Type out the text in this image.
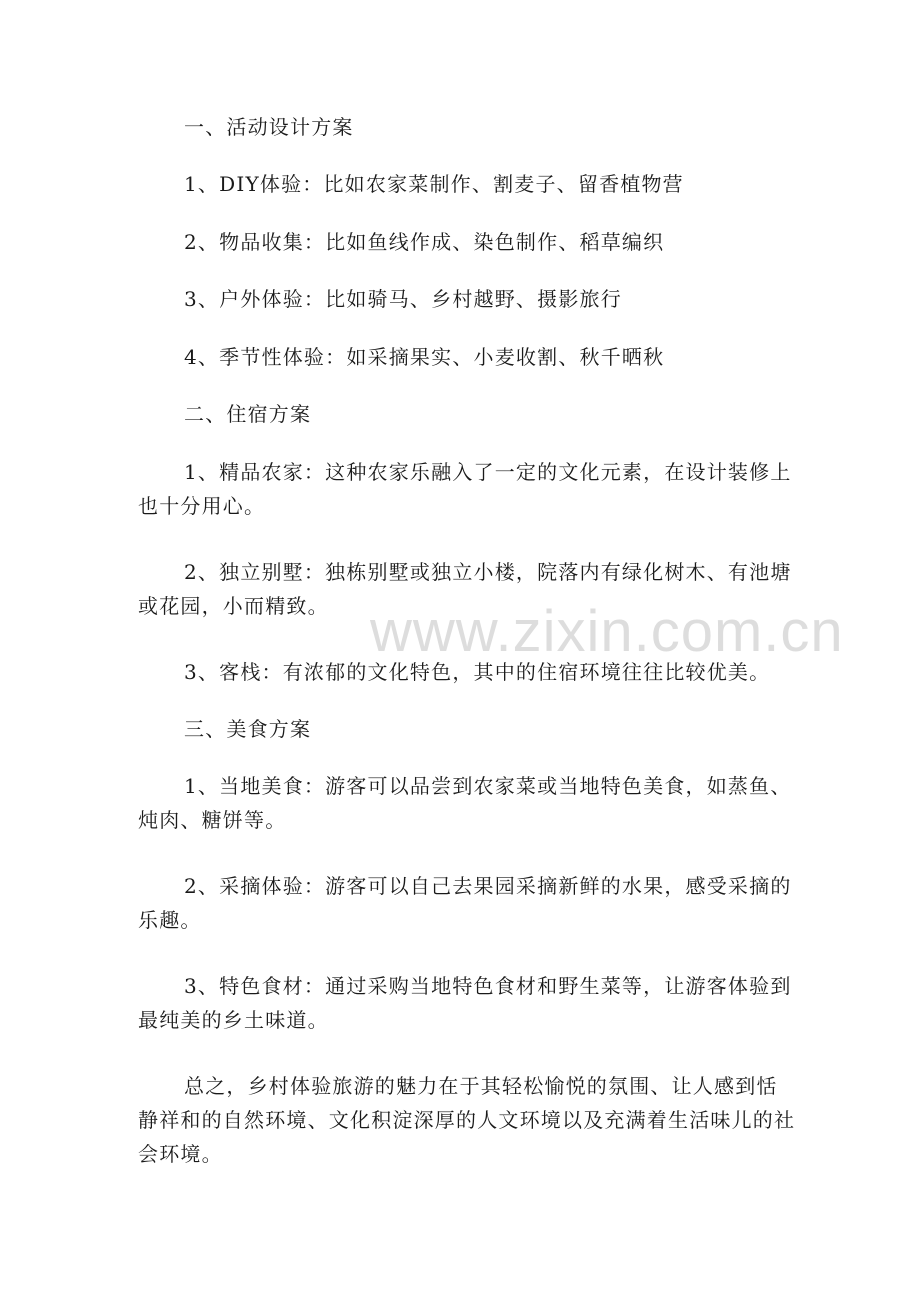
一、活动设计方案

1、DIY体验：比如农家菜制作、割麦子、留香植物营

2、物品收集：比如鱼线作成、染色制作、稻草编织

3、户外体验：比如骑马、乡村越野、摄影旅行

4、季节性体验：如采摘果实、小麦收割、秋千晒秋

二、住宿方案

1、精品农家：这种农家乐融入了一定的文化元素，在设计装修上也十分用心。

2、独立别墅：独栋别墅或独立小楼，院落内有绿化树木、有池塘或花园，小而精致。

3、客栈：有浓郁的文化特色，其中的住宿环境往往比较优美。

三、美食方案

1、当地美食：游客可以品尝到农家菜或当地特色美食，如蒸鱼、炖肉、糖饼等。

2、采摘体验：游客可以自己去果园采摘新鲜的水果，感受采摘的乐趣。

3、特色食材：通过采购当地特色食材和野生菜等，让游客体验到最纯美的乡土味道。

总之，乡村体验旅游的魅力在于其轻松愉悦的氛围、让人感到恬静祥和的自然环境、文化积淀深厚的人文环境以及充满着生活味儿的社会环境。

www.zixin.com.cn
